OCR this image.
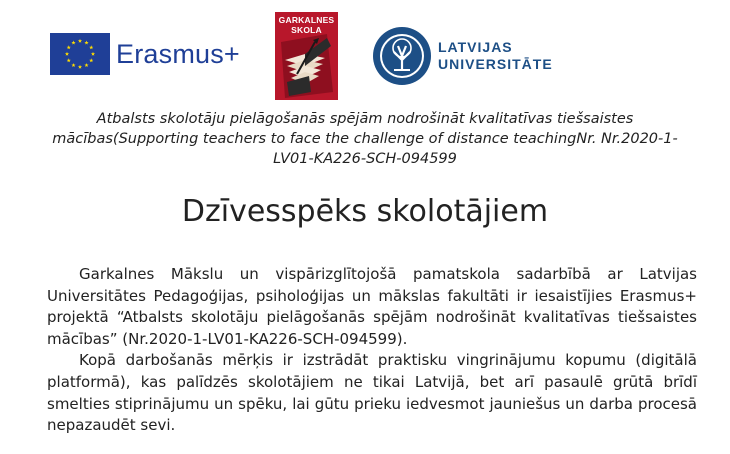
Erasmus+
GARKALNES
SKOLA
LATVIJAS
UNIVERSITĀTE
Atbalsts skolotāju pielāgošanās spējām nodrošināt kvalitatīvas tiešsaistes mācības(Supporting teachers to face the challenge of distance teachingNr. Nr.2020-1-LV01-KA226-SCH-094599
Dzīvesspēks skolotājiem

Garkalnes Mākslu un vispārizglītojošā pamatskola sadarbībā ar Latvijas Universitātes Pedagoģijas, psiholoģijas un mākslas fakultāti ir iesaistījies Erasmus+ projektā “Atbalsts skolotāju pielāgošanās spējām nodrošināt kvalitatīvas tiešsaistes mācības” (Nr.2020-1-LV01-KA226-SCH-094599).

Kopā darbošanās mērķis ir izstrādāt praktisku vingrinājumu kopumu (digitālā platformā), kas palīdzēs skolotājiem ne tikai Latvijā, bet arī pasaulē grūtā brīdī smelties stiprinājumu un spēku, lai gūtu prieku iedvesmot jauniešus un darba procesā nepazaudēt sevi.
